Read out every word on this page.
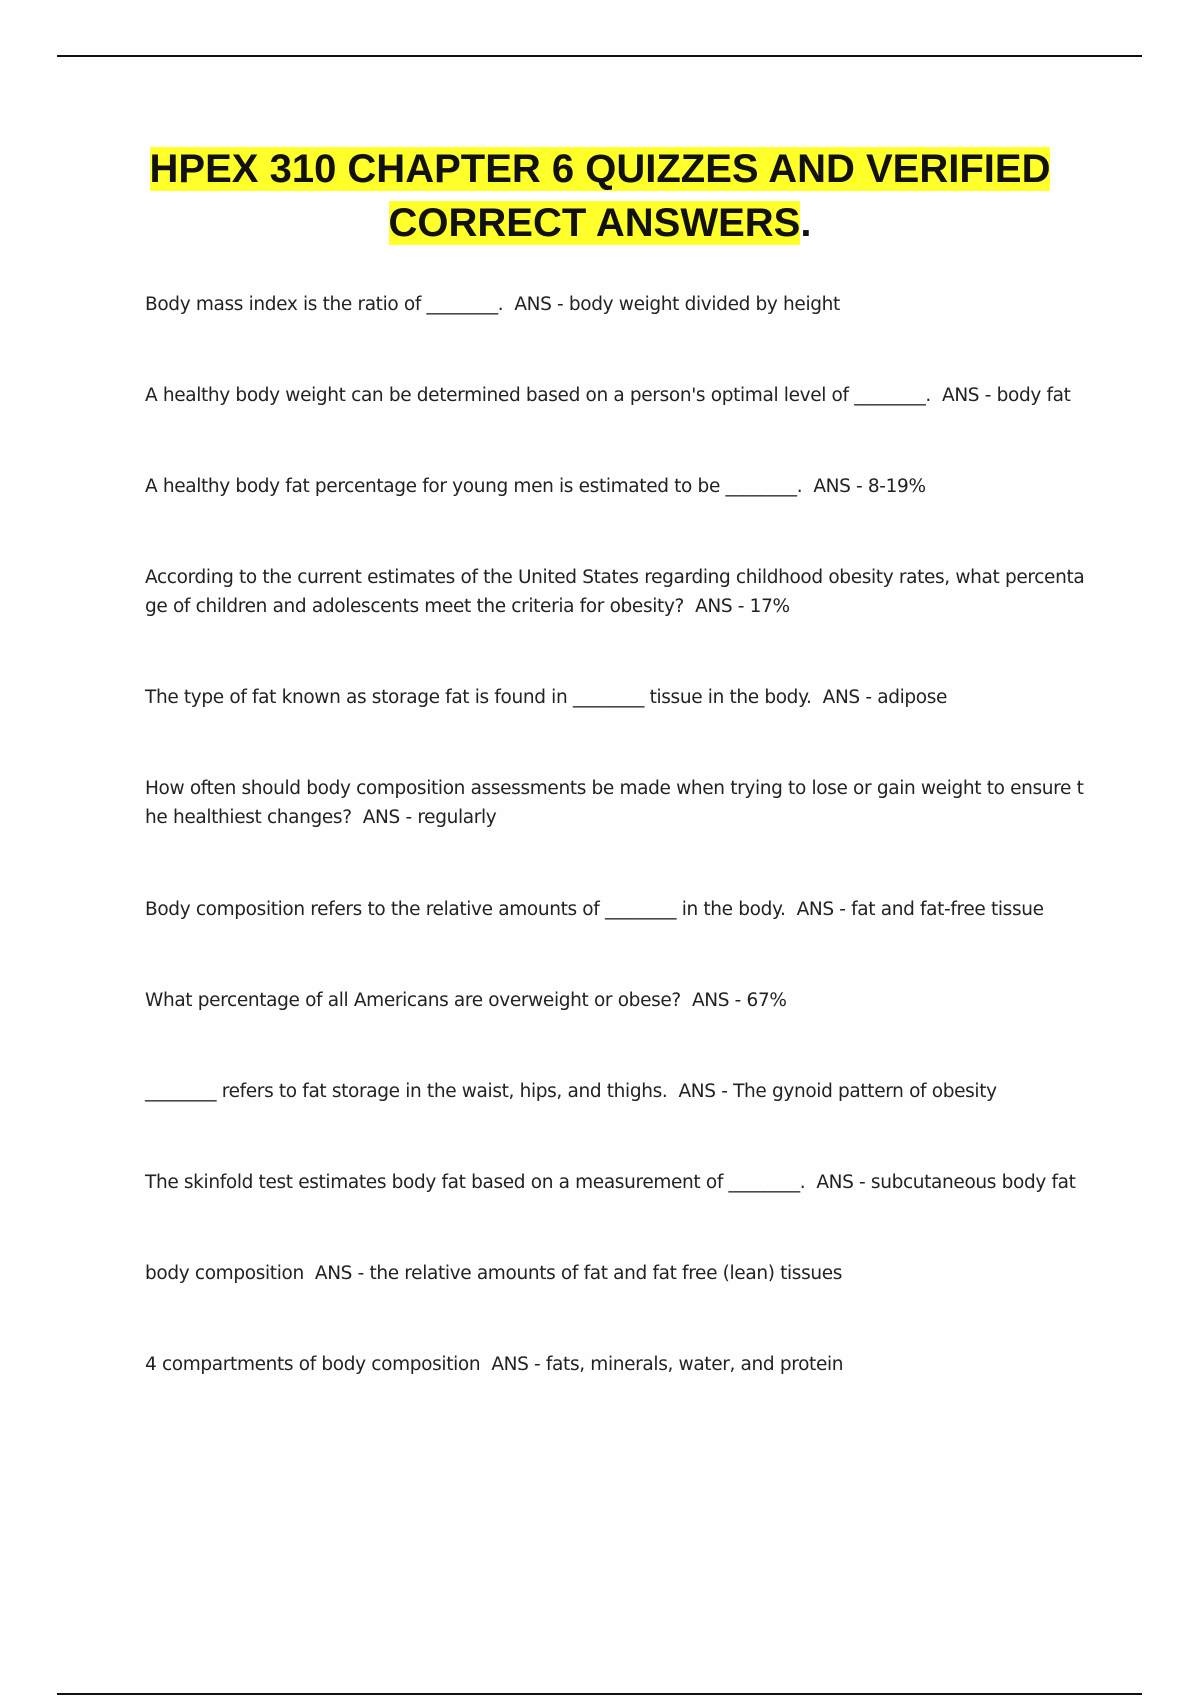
HPEX 310 CHAPTER 6 QUIZZES AND VERIFIED
CORRECT ANSWERS.
Body mass index is the ratio of ________. ANS - body weight divided by height
A healthy body weight can be determined based on a person's optimal level of ________. ANS - body fat
A healthy body fat percentage for young men is estimated to be ________. ANS - 8-19%
According to the current estimates of the United States regarding childhood obesity rates, what percentage of children and adolescents meet the criteria for obesity? ANS - 17%
The type of fat known as storage fat is found in ________ tissue in the body. ANS - adipose
How often should body composition assessments be made when trying to lose or gain weight to ensure the healthiest changes? ANS - regularly
Body composition refers to the relative amounts of ________ in the body. ANS - fat and fat-free tissue
What percentage of all Americans are overweight or obese? ANS - 67%
________ refers to fat storage in the waist, hips, and thighs. ANS - The gynoid pattern of obesity
The skinfold test estimates body fat based on a measurement of ________. ANS - subcutaneous body fat
body composition ANS - the relative amounts of fat and fat free (lean) tissues
4 compartments of body composition ANS - fats, minerals, water, and protein
